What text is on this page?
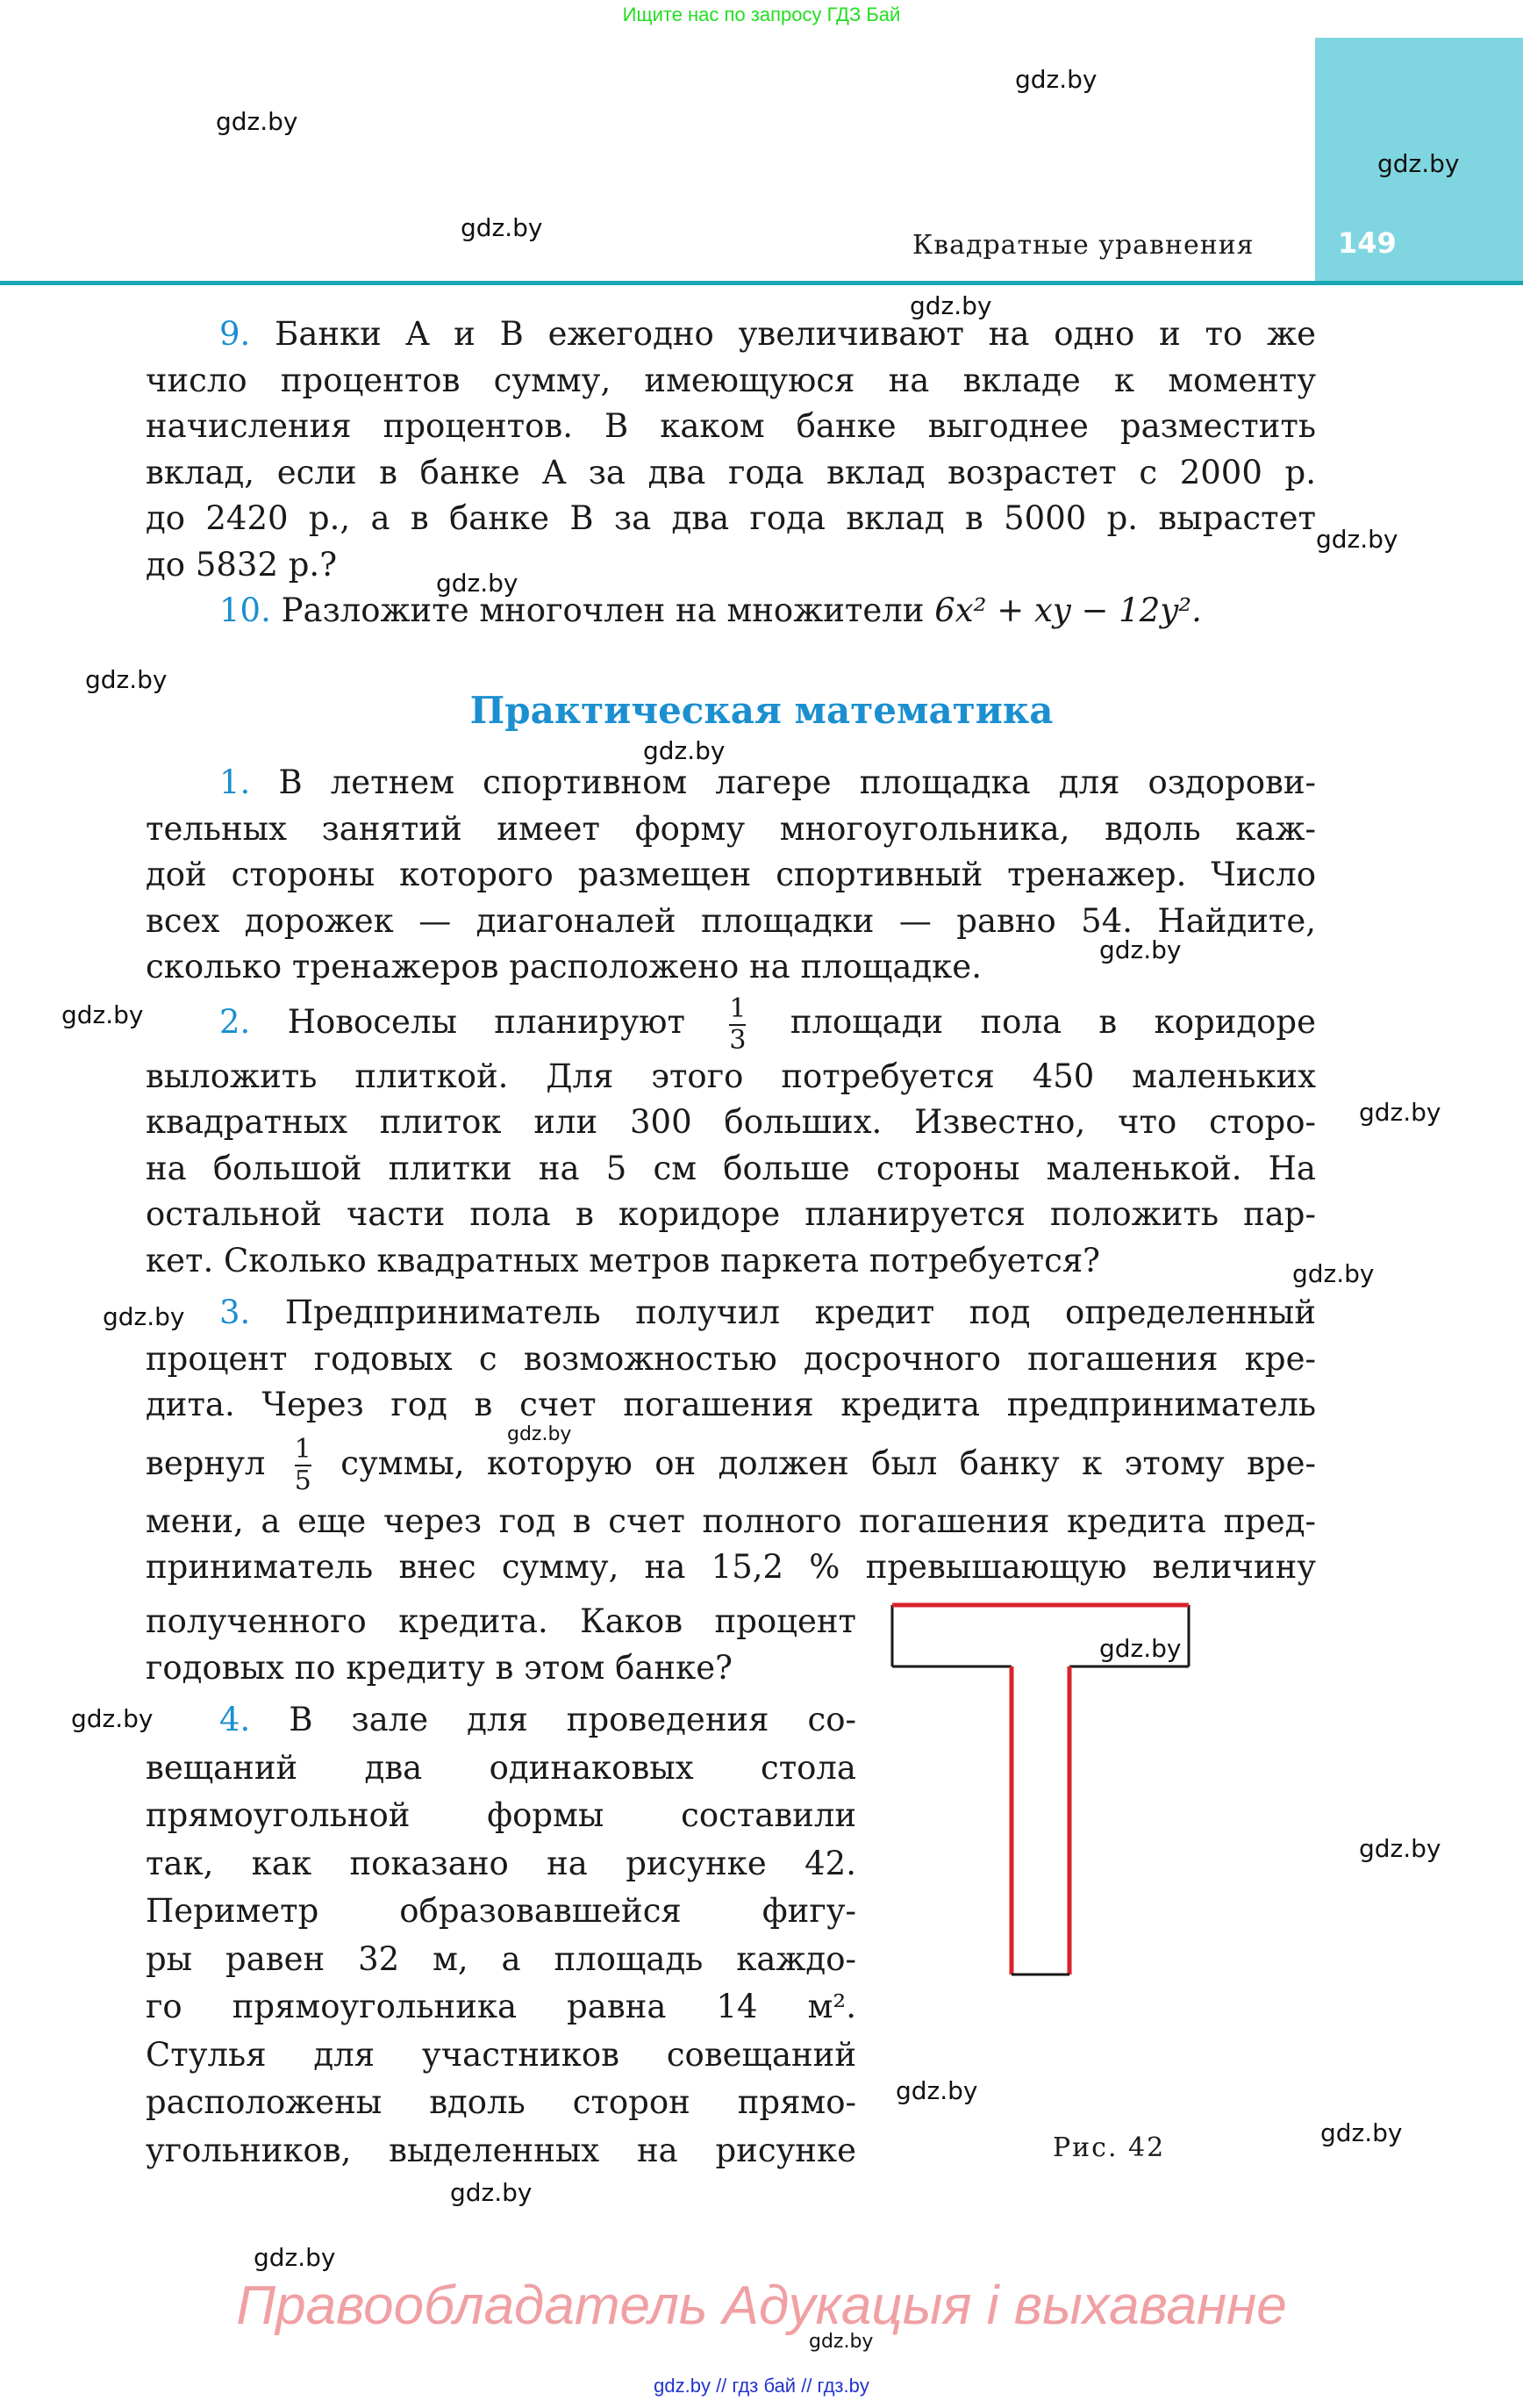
Ищите нас по запросу ГДЗ Бай
149
Квадратные уравнения
9. Банки A и B ежегодно увеличивают на одно и то же
число процентов сумму, имеющуюся на вкладе к моменту
начисления процентов. В каком банке выгоднее разместить
вклад, если в банке A за два года вклад возрастет с 2000 р.
до 2420 р., а в банке B за два года вклад в 5000 р. вырастет
до 5832 р.?
10. Разложите многочлен на множители 6x² + xy − 12y².
Практическая математика
1. В летнем спортивном лагере площадка для оздорови-
тельных занятий имеет форму многоугольника, вдоль каж-
дой стороны которого размещен спортивный тренажер. Число
всех дорожек — диагоналей площадки — равно 54. Найдите,
сколько тренажеров расположено на площадке.
2. Новоселы планируют $\frac{1}{3}$ площади пола в коридоре
выложить плиткой. Для этого потребуется 450 маленьких
квадратных плиток или 300 больших. Известно, что сторо-
на большой плитки на 5 см больше стороны маленькой. На
остальной части пола в коридоре планируется положить пар-
кет. Сколько квадратных метров паркета потребуется?
3. Предприниматель получил кредит под определенный
процент годовых с возможностью досрочного погашения кре-
дита. Через год в счет погашения кредита предприниматель
вернул $\frac{1}{5}$ суммы, которую он должен был банку к этому вре-
мени, а еще через год в счет полного погашения кредита пред-
приниматель внес сумму, на 15,2 % превышающую величину
полученного кредита. Каков процент
годовых по кредиту в этом банке?
4. В зале для проведения со-
вещаний два одинаковых стола
прямоугольной формы составили
так, как показано на рисунке 42.
Периметр образовавшейся фигу-
ры равен 32 м, а площадь каждо-
го прямоугольника равна 14 м².
Стулья для участников совещаний
расположены вдоль сторон прямо-
угольников, выделенных на рисунке	Рис. 42
gdz.by
gdz.by
gdz.by
gdz.by
gdz.by
gdz.by
gdz.by
gdz.by
gdz.by
gdz.by
gdz.by
gdz.by
gdz.by
gdz.by
gdz.by
gdz.by
gdz.by
gdz.by
gdz.by
gdz.by
gdz.by
gdz.by
gdz.by
Правообладатель Адукацыя і выхаванне
gdz.by // гдз бай // гдз.by
